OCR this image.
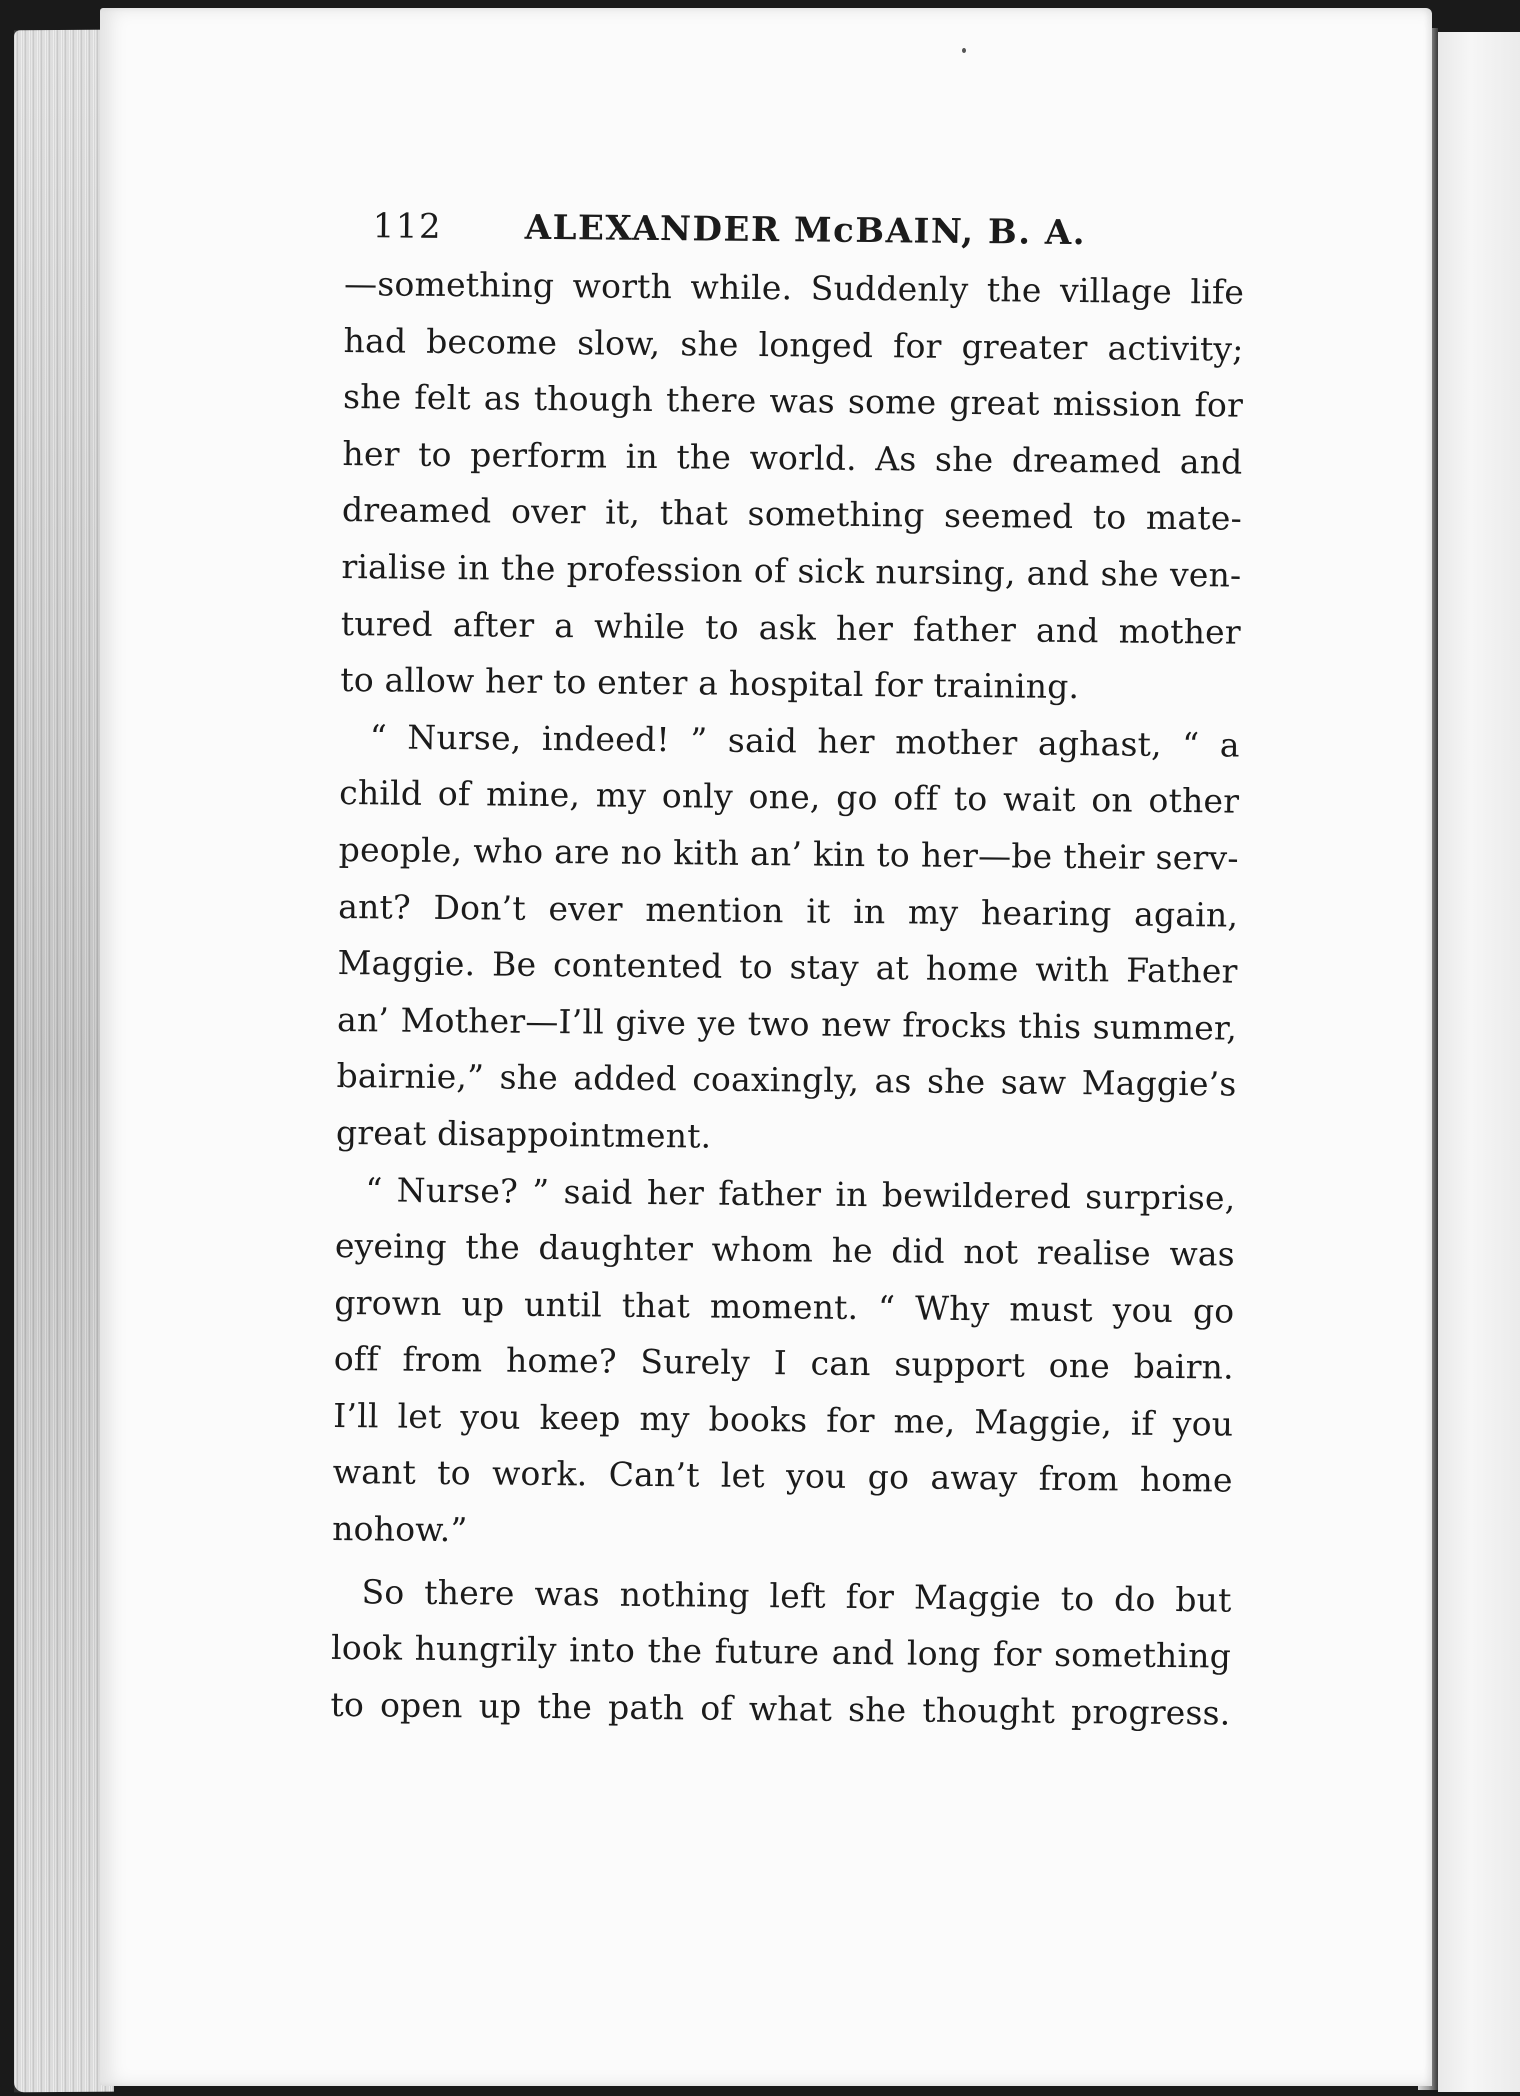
112 ALEXANDER McBAIN, B. A.

—something worth while. Suddenly the village life
had become slow, she longed for greater activity;
she felt as though there was some great mission for
her to perform in the world. As she dreamed and
dreamed over it, that something seemed to mate-
rialise in the profession of sick nursing, and she ven-
tured after a while to ask her father and mother
to allow her to enter a hospital for training.

“ Nurse, indeed! ” said her mother aghast, “ a
child of mine, my only one, go off to wait on other
people, who are no kith an’ kin to her—be their serv-
ant? Don’t ever mention it in my hearing again,
Maggie. Be contented to stay at home with Father
an’ Mother—I’ll give ye two new frocks this summer,
bairnie,” she added coaxingly, as she saw Maggie’s
great disappointment.

“ Nurse? ” said her father in bewildered surprise,
eyeing the daughter whom he did not realise was
grown up until that moment. “ Why must you go
off from home? Surely I can support one bairn.
I’ll let you keep my books for me, Maggie, if you
want to work. Can’t let you go away from home
nohow.”

So there was nothing left for Maggie to do but
look hungrily into the future and long for something
to open up the path of what she thought progress.
